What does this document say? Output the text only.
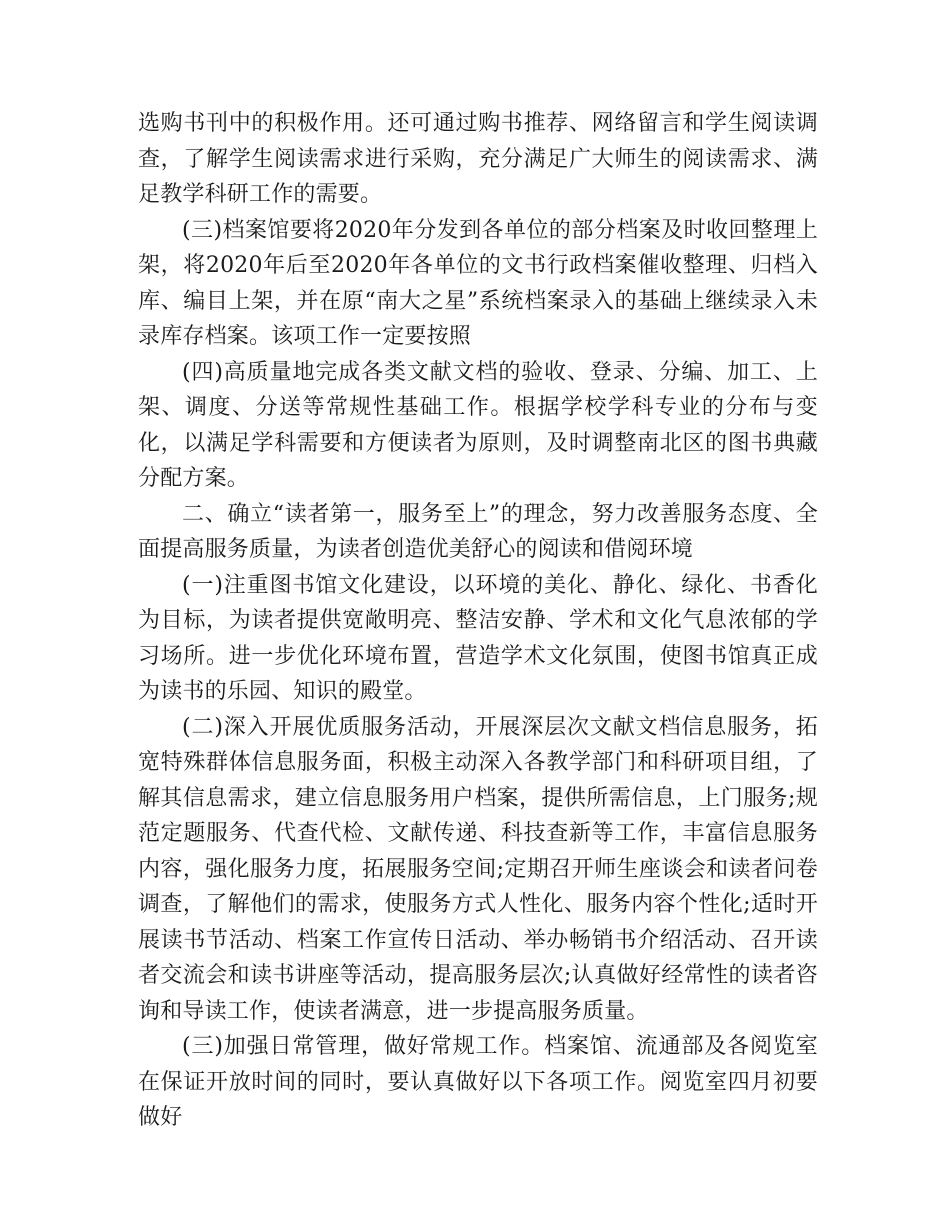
选购书刊中的积极作用。还可通过购书推荐、网络留言和学生阅读调查，了解学生阅读需求进行采购，充分满足广大师生的阅读需求、满足教学科研工作的需要。

(三)档案馆要将2020年分发到各单位的部分档案及时收回整理上架，将2020年后至2020年各单位的文书行政档案催收整理、归档入库、编目上架，并在原“南大之星”系统档案录入的基础上继续录入未录库存档案。该项工作一定要按照

(四)高质量地完成各类文献文档的验收、登录、分编、加工、上架、调度、分送等常规性基础工作。根据学校学科专业的分布与变化，以满足学科需要和方便读者为原则，及时调整南北区的图书典藏分配方案。

二、确立“读者第一，服务至上”的理念，努力改善服务态度、全面提高服务质量，为读者创造优美舒心的阅读和借阅环境

(一)注重图书馆文化建设，以环境的美化、静化、绿化、书香化为目标，为读者提供宽敞明亮、整洁安静、学术和文化气息浓郁的学习场所。进一步优化环境布置，营造学术文化氛围，使图书馆真正成为读书的乐园、知识的殿堂。

(二)深入开展优质服务活动，开展深层次文献文档信息服务，拓宽特殊群体信息服务面，积极主动深入各教学部门和科研项目组，了解其信息需求，建立信息服务用户档案，提供所需信息，上门服务;规范定题服务、代查代检、文献传递、科技查新等工作，丰富信息服务内容，强化服务力度，拓展服务空间;定期召开师生座谈会和读者问卷调查，了解他们的需求，使服务方式人性化、服务内容个性化;适时开展读书节活动、档案工作宣传日活动、举办畅销书介绍活动、召开读者交流会和读书讲座等活动，提高服务层次;认真做好经常性的读者咨询和导读工作，使读者满意，进一步提高服务质量。

(三)加强日常管理，做好常规工作。档案馆、流通部及各阅览室在保证开放时间的同时，要认真做好以下各项工作。阅览室四月初要做好
